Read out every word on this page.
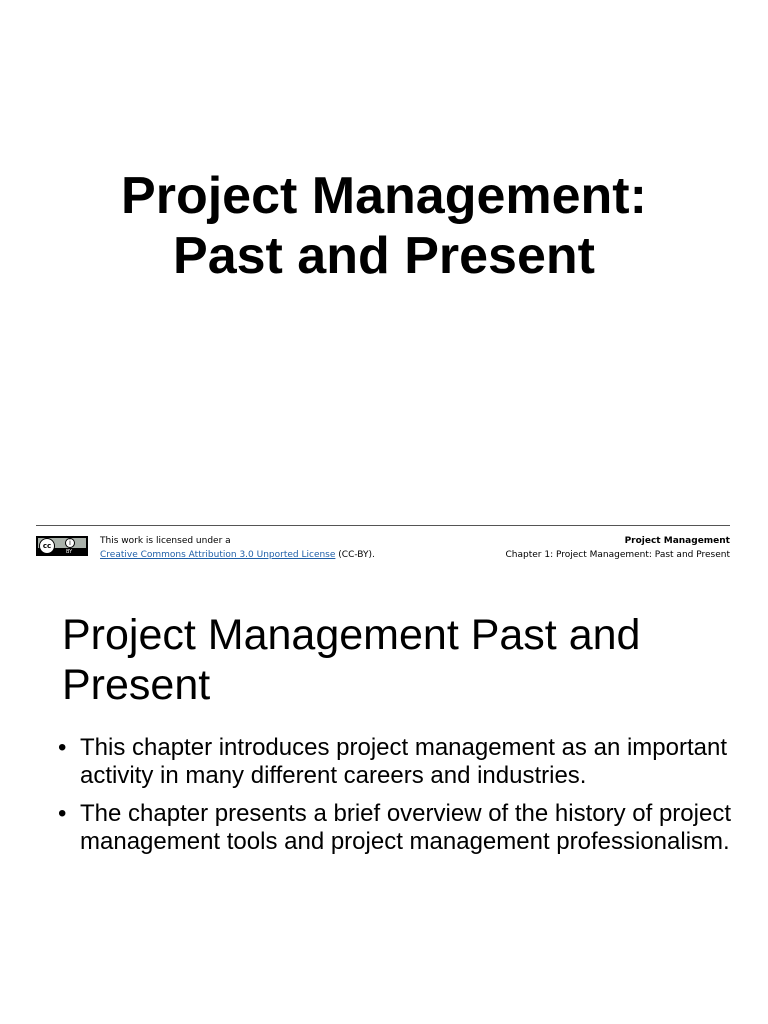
Project Management:
Past and Present
cc	i
BY
This work is licensed under a
Creative Commons Attribution 3.0 Unported License (CC-BY).
Project Management
Chapter 1: Project Management: Past and Present
Project Management Past and
Present
• This chapter introduces project management as an important activity in many different careers and industries.
• The chapter presents a brief overview of the history of project management tools and project management professionalism.
